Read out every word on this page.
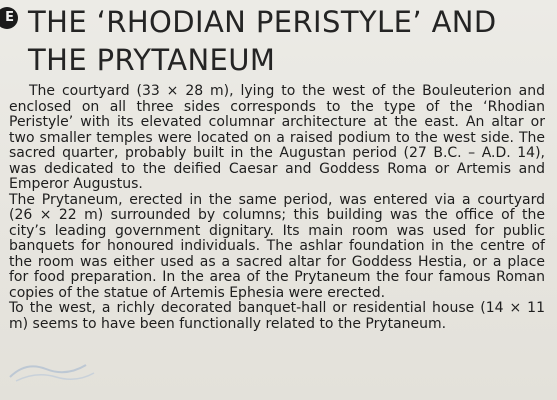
E THE ‘RHODIAN PERISTYLE’ AND THE PRYTANEUM

The courtyard (33 × 28 m), lying to the west of the Bouleuterion and enclosed on all three sides corresponds to the type of the ‘Rhodian Peristyle’ with its elevated columnar architecture at the east. An altar or two smaller temples were located on a raised podium to the west side. The sacred quarter, probably built in the Augustan period (27 B.C. – A.D. 14), was dedicated to the deified Caesar and Goddess Roma or Artemis and Emperor Augustus.

The Prytaneum, erected in the same period, was entered via a courtyard (26 × 22 m) surrounded by columns; this building was the office of the city’s leading government dignitary. Its main room was used for public banquets for honoured individuals. The ashlar foundation in the centre of the room was either used as a sacred altar for Goddess Hestia, or a place for food preparation. In the area of the Prytaneum the four famous Roman copies of the statue of Artemis Ephesia were erected.

To the west, a richly decorated banquet-hall or residential house (14 × 11 m) seems to have been functionally related to the Prytaneum.
